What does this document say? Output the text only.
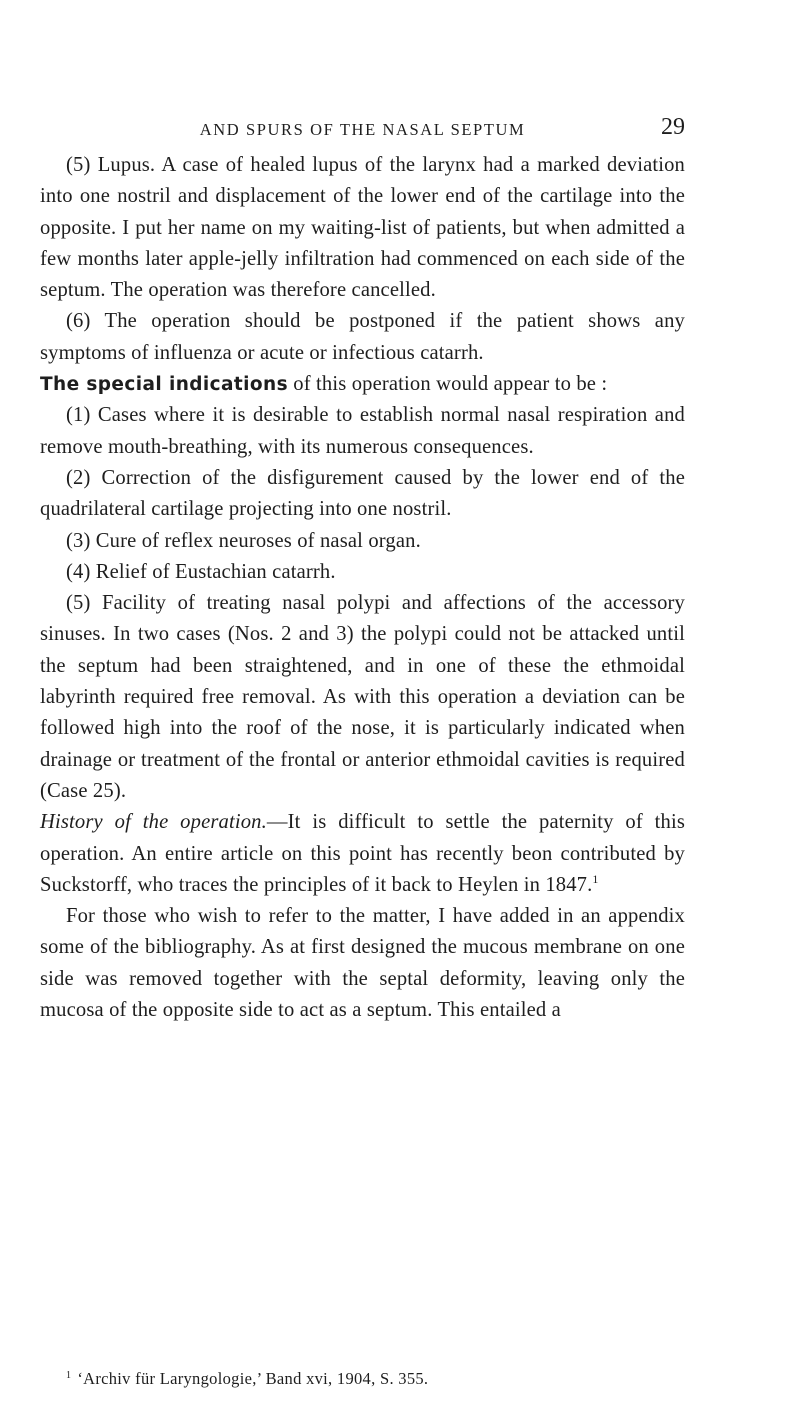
AND SPURS OF THE NASAL SEPTUM	29

(5) Lupus. A case of healed lupus of the larynx had a marked deviation into one nostril and displacement of the lower end of the cartilage into the opposite. I put her name on my waiting-list of patients, but when admitted a few months later apple-jelly infiltration had commenced on each side of the septum. The operation was therefore cancelled.

(6) The operation should be postponed if the patient shows any symptoms of influenza or acute or infectious catarrh.

The special indications of this operation would appear to be :

(1) Cases where it is desirable to establish normal nasal respiration and remove mouth-breathing, with its numerous consequences.

(2) Correction of the disfigurement caused by the lower end of the quadrilateral cartilage projecting into one nostril.

(3) Cure of reflex neuroses of nasal organ.

(4) Relief of Eustachian catarrh.

(5) Facility of treating nasal polypi and affections of the accessory sinuses. In two cases (Nos. 2 and 3) the polypi could not be attacked until the septum had been straightened, and in one of these the ethmoidal labyrinth required free removal. As with this operation a deviation can be followed high into the roof of the nose, it is particularly indicated when drainage or treatment of the frontal or anterior ethmoidal cavities is required (Case 25).

History of the operation.—It is difficult to settle the paternity of this operation. An entire article on this point has recently beon contributed by Suckstorff, who traces the principles of it back to Heylen in 1847.$^1$

For those who wish to refer to the matter, I have added in an appendix some of the bibliography. As at first designed the mucous membrane on one side was removed together with the septal deformity, leaving only the mucosa of the opposite side to act as a septum. This entailed a

$^1$ ‘Archiv für Laryngologie,’ Band xvi, 1904, S. 355.
